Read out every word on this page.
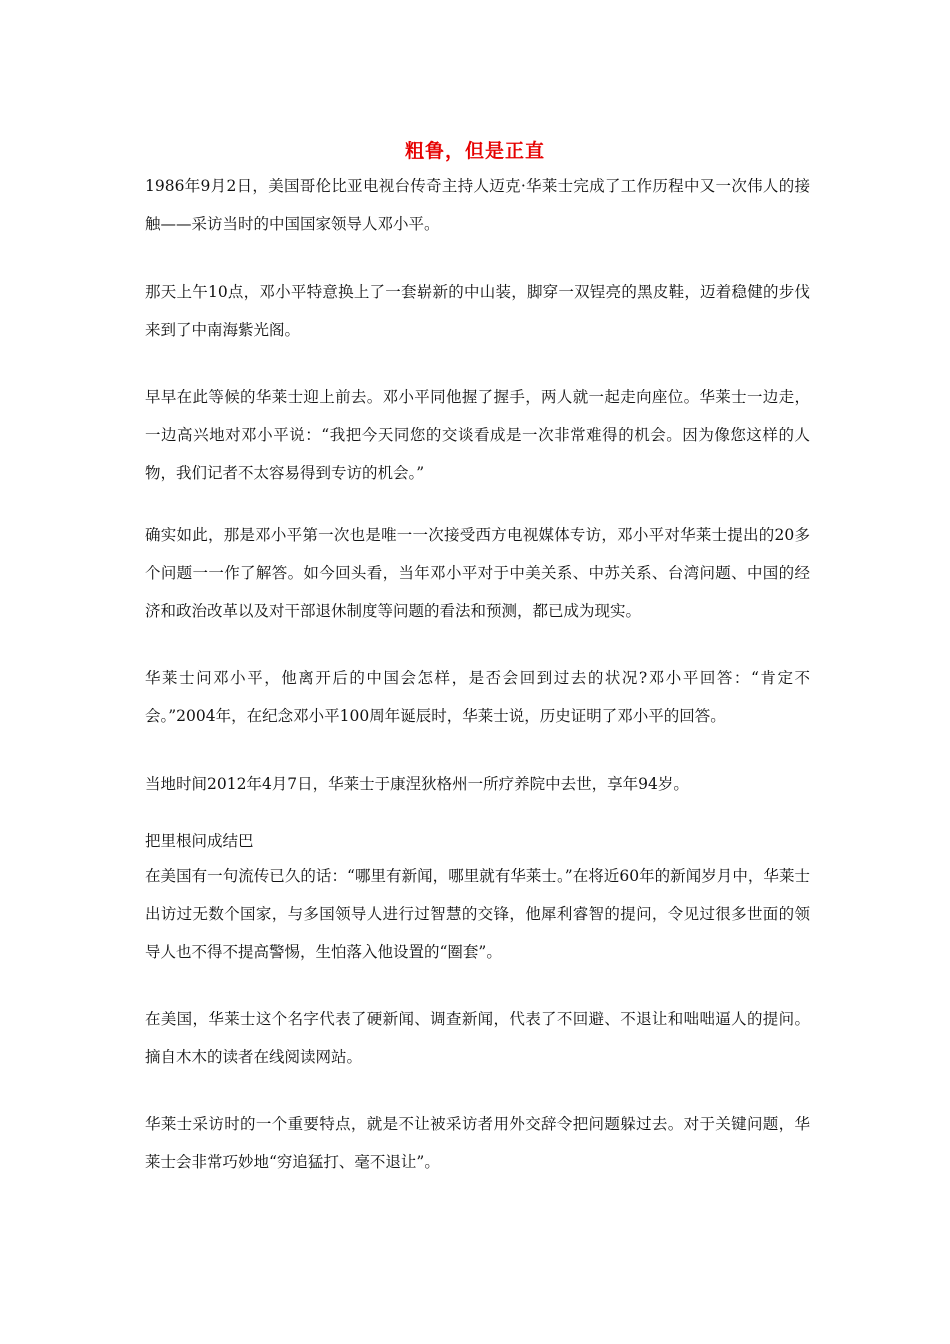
粗鲁，但是正直

1986年9月2日，美国哥伦比亚电视台传奇主持人迈克·华莱士完成了工作历程中又一次伟人的接触——采访当时的中国国家领导人邓小平。

那天上午10点，邓小平特意换上了一套崭新的中山装，脚穿一双锃亮的黑皮鞋，迈着稳健的步伐来到了中南海紫光阁。

早早在此等候的华莱士迎上前去。邓小平同他握了握手，两人就一起走向座位。华莱士一边走，一边高兴地对邓小平说：“我把今天同您的交谈看成是一次非常难得的机会。因为像您这样的人物，我们记者不太容易得到专访的机会。”

确实如此，那是邓小平第一次也是唯一一次接受西方电视媒体专访，邓小平对华莱士提出的20多个问题一一作了解答。如今回头看，当年邓小平对于中美关系、中苏关系、台湾问题、中国的经济和政治改革以及对干部退休制度等问题的看法和预测，都已成为现实。

华莱士问邓小平，他离开后的中国会怎样，是否会回到过去的状况?邓小平回答：“肯定不会。”2004年，在纪念邓小平100周年诞辰时，华莱士说，历史证明了邓小平的回答。

当地时间2012年4月7日，华莱士于康涅狄格州一所疗养院中去世，享年94岁。

把里根问成结巴

在美国有一句流传已久的话：“哪里有新闻，哪里就有华莱士。”在将近60年的新闻岁月中，华莱士出访过无数个国家，与多国领导人进行过智慧的交锋，他犀利睿智的提问，令见过很多世面的领导人也不得不提高警惕，生怕落入他设置的“圈套”。

在美国，华莱士这个名字代表了硬新闻、调查新闻，代表了不回避、不退让和咄咄逼人的提问。摘自木木的读者在线阅读网站。

华莱士采访时的一个重要特点，就是不让被采访者用外交辞令把问题躲过去。对于关键问题，华莱士会非常巧妙地“穷追猛打、毫不退让”。
